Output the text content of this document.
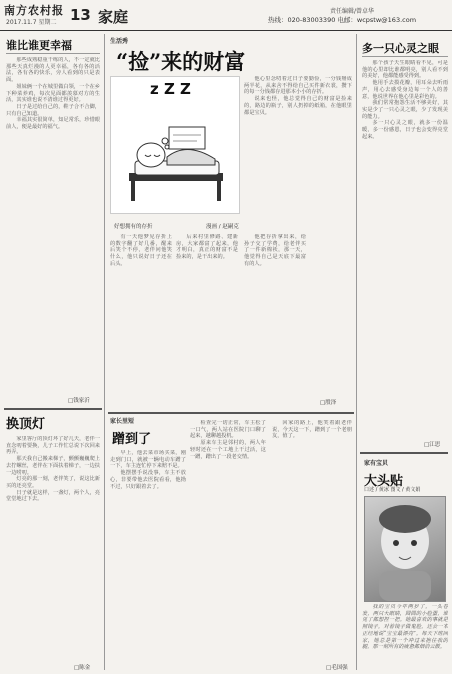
南方农村报
2017.11.7 星期二 13 家庭	责任编辑/曾卓华
热线：020-83003390 电邮：wcpstw@163.com
谁比谁更幸福

那些成熟稳重干练的人，不一定就比那些天真烂漫的人更幸福，各有各的活法，各有各的快乐，旁人看到的只是表面。

姐妹俩一个在城里做白领，一个在乡下种菜养鸡，每次见面都羡慕对方的生活，其实谁也说不清谁过得更好。

日子是过给自己的，鞋子合不合脚，只有自己知道。

幸福其实很简单，知足常乐，珍惜眼前人，便是最好的福气。

□钱家沂
换顶灯

家里客厅的顶灯坏了好几天，老伴一直念叨着要换，儿子工作忙总说下次回来再弄。

那天我自己搬来梯子，颤颤巍巍爬上去拧螺丝，老伴在下面扶着梯子，一边扶一边唠叨。

灯亮的那一刻，老伴笑了，说这比新买的还亮堂。

日子就是这样，一盏灯，两个人，亮堂堂地过下去。

□陈金
生活秀
“捡”来的财富
z Z Z
好想拥有的存折	漫画 / 赵嗣克

他心里念叨着过日子要勤俭，一分钱掰成两半花，从来舍不得给自己买件新衣裳，攒下的每一分钱都存进那本小小的存折。

说来也怪，他总觉得自己的财富是捡来的，路边的瓶子，别人扔掉的纸箱，在他眼里都是宝贝。

有一天他梦见存折上的数字翻了好几番，醒来后笑个不停，老伴问他笑什么，他只说好日子还在后头。

后来村里修路、建新房，大家都富了起来，他才明白，真正的财富不是捡来的，是干出来的。

他把存折拿出来，给孙子交了学费，给老伴买了一件新棉袄，那一天，他觉得自己是天底下最富有的人。

□殷泽
家长里短
蹭到了

早上，他去菜市场买菜，刚走到门口，就被一辆电动车蹭了一下，车主连忙停下来赔不是。

他摆摆手说没事，车主不放心，非要带他去医院看看，他拗不过，只好跟着去了。

检查完一切正常，车主松了一口气，两人站在医院门口聊了起来，越聊越投机。

原来车主是邻村的，两人年轻时还在一个工地上干过活，这一蹭，蹭出了一段老交情。

回家的路上，他笑着跟老伴说，今天这一下，蹭到了一个老朋友，值了。

□毛国强
多一只心灵之眼

那个孩子天生眼睛看不见，可是他的心里却比谁都明亮，别人看不到的美好，他都能感受得到。

他用手去摸花瓣，用耳朵去听雨声，用心去感受身边每一个人的善意，他说世界在他心里是彩色的。

我们常常抱怨生活不够美好，其实是少了一只心灵之眼，少了发现美的能力。

多一只心灵之眼，就多一份温暖，多一份感恩，日子也会变得亮堂起来。

□江思
家有宝贝
大头贴
口述 / 黄冰 图文 / 黄文娟

我的宝贝今年两岁了，一头卷发，两只大眼睛，圆圆的小脸蛋，谁见了都想捏一把。她最喜欢的事就是照镜子，对着镜子做鬼脸，还会一本正经地说“宝宝最漂亮”。每天下班回家，她总是第一个冲过来抱住我的腿，那一刻所有的疲惫都烟消云散。
